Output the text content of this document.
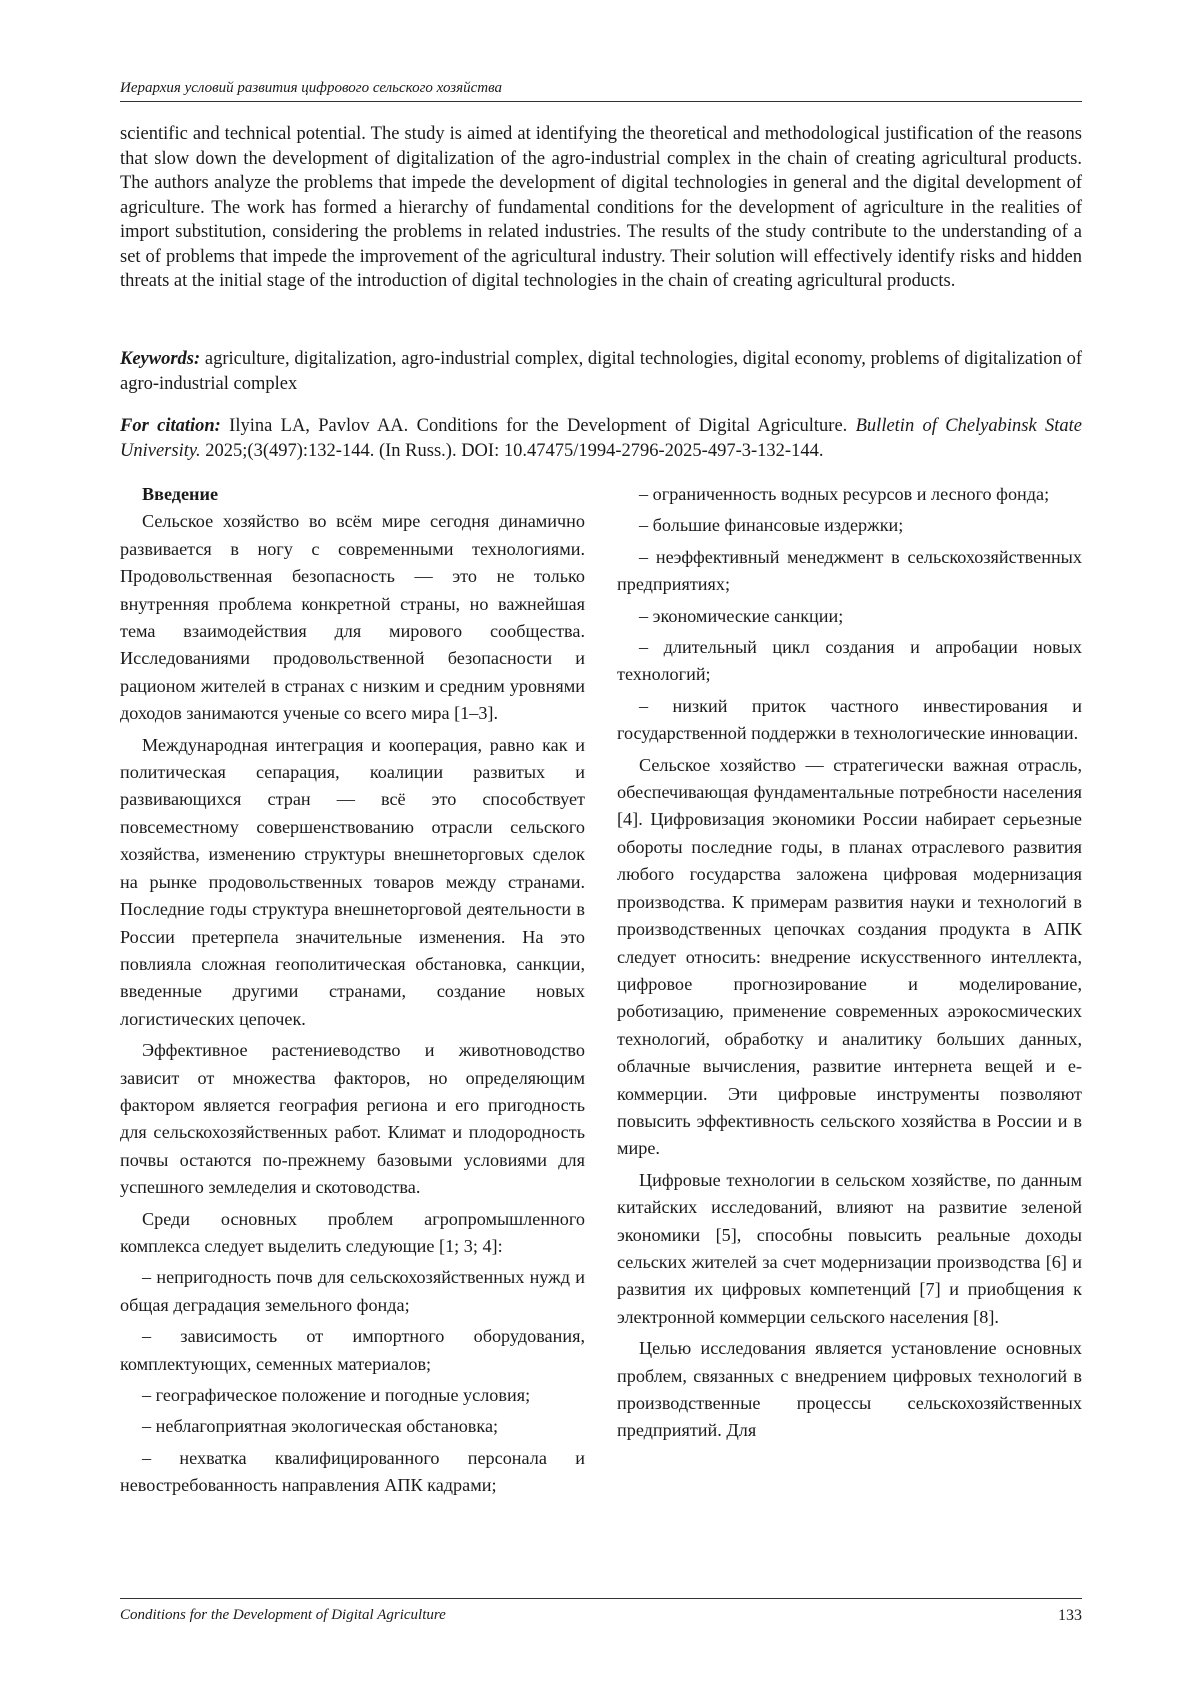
Иерархия условий развития цифрового сельского хозяйства
scientific and technical potential. The study is aimed at identifying the theoretical and methodological justification of the reasons that slow down the development of digitalization of the agro-industrial complex in the chain of creating agricultural products. The authors analyze the problems that impede the development of digital technologies in general and the digital development of agriculture. The work has formed a hierarchy of fundamental conditions for the development of agriculture in the realities of import substitution, considering the problems in related industries. The results of the study contribute to the understanding of a set of problems that impede the improvement of the agricultural industry. Their solution will effectively identify risks and hidden threats at the initial stage of the introduction of digital technologies in the chain of creating agricultural products.
Keywords: agriculture, digitalization, agro-industrial complex, digital technologies, digital economy, problems of digitalization of agro-industrial complex
For citation: Ilyina LA, Pavlov AA. Conditions for the Development of Digital Agriculture. Bulletin of Chelyabinsk State University. 2025;(3(497):132-144. (In Russ.). DOI: 10.47475/1994-2796-2025-497-3-132-144.
Введение

Сельское хозяйство во всём мире сегодня динамично развивается в ногу с современными технологиями. Продовольственная безопасность — это не только внутренняя проблема конкретной страны, но важнейшая тема взаимодействия для мирового сообщества. Исследованиями продовольственной безопасности и рационом жителей в странах с низким и средним уровнями доходов занимаются ученые со всего мира [1–3].

Международная интеграция и кооперация, равно как и политическая сепарация, коалиции развитых и развивающихся стран — всё это способствует повсеместному совершенствованию отрасли сельского хозяйства, изменению структуры внешнеторговых сделок на рынке продовольственных товаров между странами. Последние годы структура внешнеторговой деятельности в России претерпела значительные изменения. На это повлияла сложная геополитическая обстановка, санкции, введенные другими странами, создание новых логистических цепочек.

Эффективное растениеводство и животноводство зависит от множества факторов, но определяющим фактором является география региона и его пригодность для сельскохозяйственных работ. Климат и плодородность почвы остаются по-прежнему базовыми условиями для успешного земледелия и скотоводства.

Среди основных проблем агропромышленного комплекса следует выделить следующие [1; 3; 4]:

– непригодность почв для сельскохозяйственных нужд и общая деградация земельного фонда;

– зависимость от импортного оборудования, комплектующих, семенных материалов;

– географическое положение и погодные условия;

– неблагоприятная экологическая обстановка;

– нехватка квалифицированного персонала и невостребованность направления АПК кадрами;

– ограниченность водных ресурсов и лесного фонда;

– большие финансовые издержки;

– неэффективный менеджмент в сельскохозяйственных предприятиях;

– экономические санкции;

– длительный цикл создания и апробации новых технологий;

– низкий приток частного инвестирования и государственной поддержки в технологические инновации.

Сельское хозяйство — стратегически важная отрасль, обеспечивающая фундаментальные потребности населения [4]. Цифровизация экономики России набирает серьезные обороты последние годы, в планах отраслевого развития любого государства заложена цифровая модернизация производства. К примерам развития науки и технологий в производственных цепочках создания продукта в АПК следует относить: внедрение искусственного интеллекта, цифровое прогнозирование и моделирование, роботизацию, применение современных аэрокосмических технологий, обработку и аналитику больших данных, облачные вычисления, развитие интернета вещей и е-коммерции. Эти цифровые инструменты позволяют повысить эффективность сельского хозяйства в России и в мире.

Цифровые технологии в сельском хозяйстве, по данным китайских исследований, влияют на развитие зеленой экономики [5], способны повысить реальные доходы сельских жителей за счет модернизации производства [6] и развития их цифровых компетенций [7] и приобщения к электронной коммерции сельского населения [8].

Целью исследования является установление основных проблем, связанных с внедрением цифровых технологий в производственные процессы сельскохозяйственных предприятий. Для

Conditions for the Development of Digital Agriculture	133
